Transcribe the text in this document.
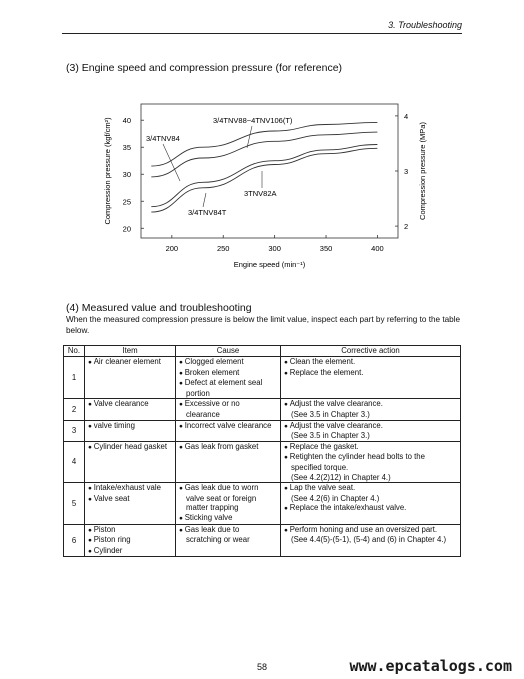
3. Troubleshooting
(3) Engine speed and compression pressure (for reference)
200	250	300	350	400
20
25
30
35
40
2
3
4
3/4TNV88~4TNV106(T)
3/4TNV84
3TNV82A
3/4TNV84T
Engine speed (min⁻¹)
Compression pressure (kgf/cm²)	Compression pressure (MPa)
(4) Measured value and troubleshooting
When the measured compression pressure is below the limit value, inspect each part by referring to the table below.
No.	Item	Cause	Corrective action
1	● Air cleaner element	● Clogged element
● Broken element
● Defect at element seal
portion	● Clean the element.
● Replace the element.

2	● Valve clearance	● Excessive or no
clearance	● Adjust the valve clearance.
(See 3.5 in Chapter 3.)

3	● valve timing	● Incorrect valve clearance	● Adjust the valve clearance.
(See 3.5 in Chapter 3.)

4	● Cylinder head gasket	● Gas leak from gasket	● Replace the gasket.
● Retighten the cylinder head bolts to the
specified torque.
(See 4.2(2)12) in Chapter 4.)

5	● Intake/exhaust vale
● Valve seat	● Gas leak due to worn
valve seat or foreign
matter trapping
● Sticking valve	● Lap the valve seat.
(See 4.2(6) in Chapter 4.)
● Replace the intake/exhaust valve.

6	● Piston
● Piston ring
● Cylinder	● Gas leak due to
scratching or wear	● Perform honing and use an oversized part.
(See 4.4(5)-(5-1), (5-4) and (6) in Chapter 4.)
58	www.epcatalogs.com
